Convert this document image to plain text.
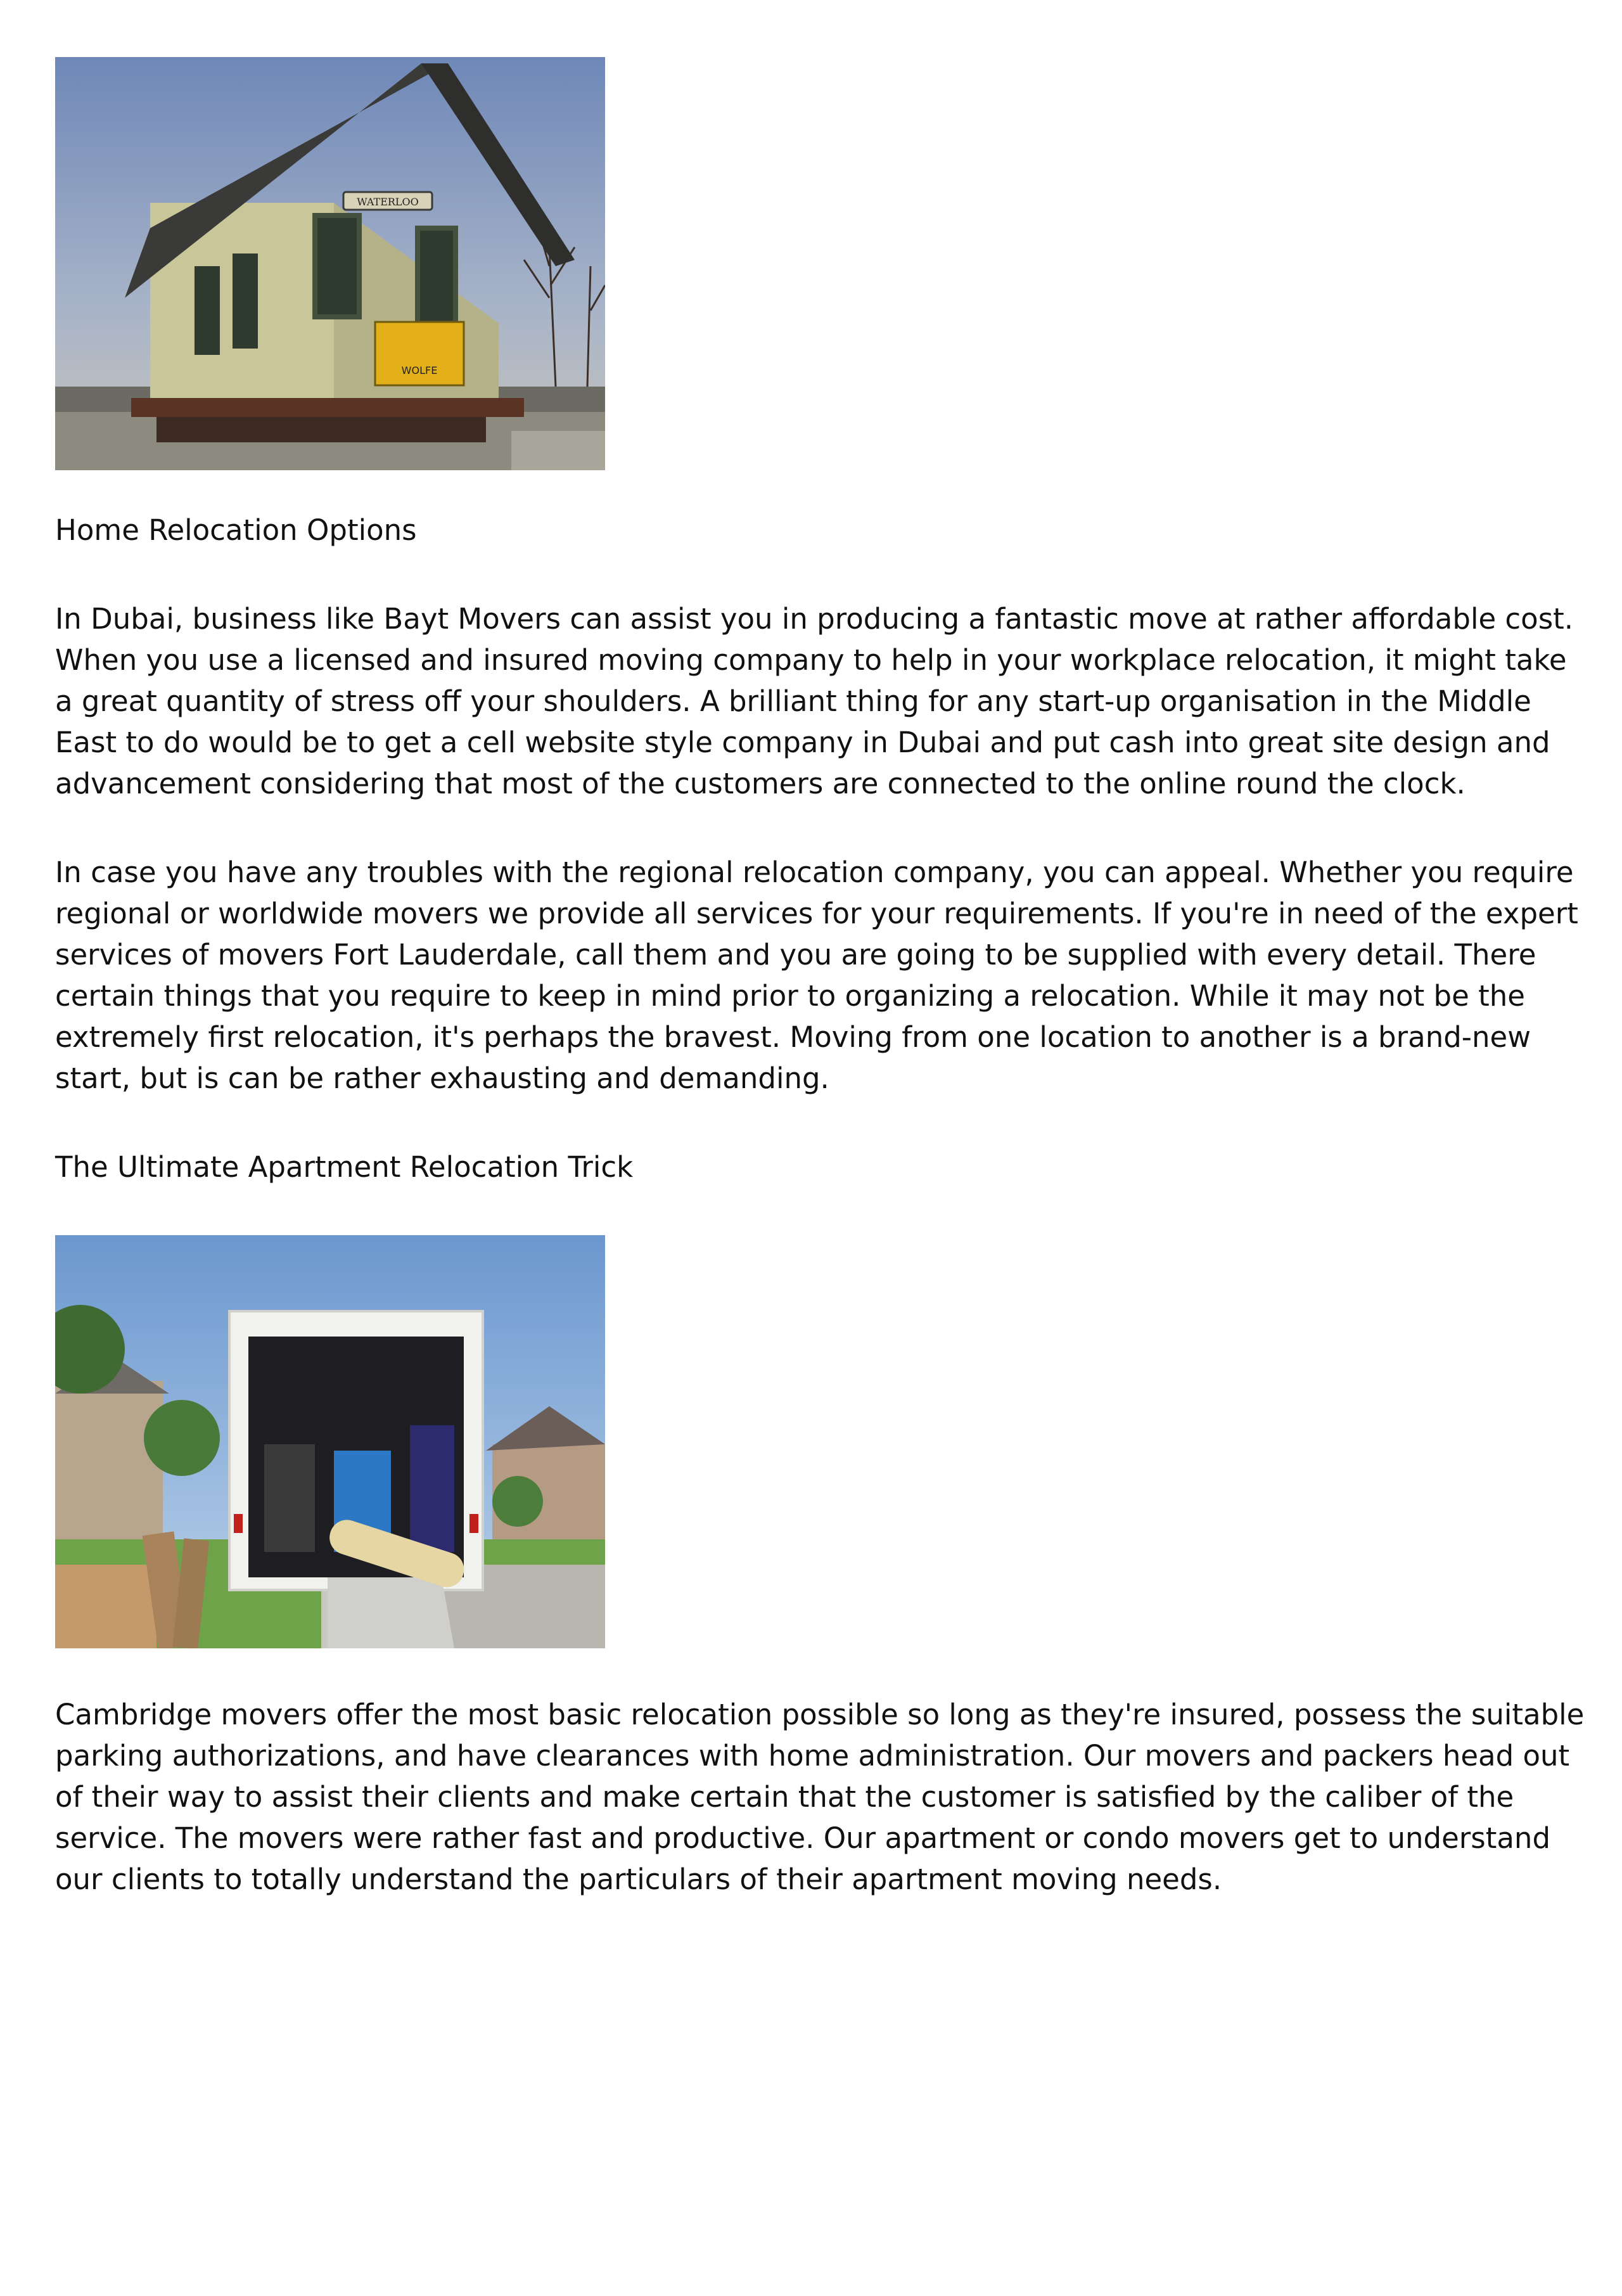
WATERLOO
WOLFE

Home Relocation Options

In Dubai, business like Bayt Movers can assist you in producing a fantastic move at rather affordable cost. When you use a licensed and insured moving company to help in your workplace relocation, it might take a great quantity of stress off your shoulders. A brilliant thing for any start-up organisation in the Middle East to do would be to get a cell website style company in Dubai and put cash into great site design and advancement considering that most of the customers are connected to the online round the clock.

In case you have any troubles with the regional relocation company, you can appeal. Whether you require regional or worldwide movers we provide all services for your requirements. If you're in need of the expert services of movers Fort Lauderdale, call them and you are going to be supplied with every detail. There certain things that you require to keep in mind prior to organizing a relocation. While it may not be the extremely first relocation, it's perhaps the bravest. Moving from one location to another is a brand-new start, but is can be rather exhausting and demanding.

The Ultimate Apartment Relocation Trick

Cambridge movers offer the most basic relocation possible so long as they're insured, possess the suitable parking authorizations, and have clearances with home administration. Our movers and packers head out of their way to assist their clients and make certain that the customer is satisfied by the caliber of the service. The movers were rather fast and productive. Our apartment or condo movers get to understand our clients to totally understand the particulars of their apartment moving needs.
